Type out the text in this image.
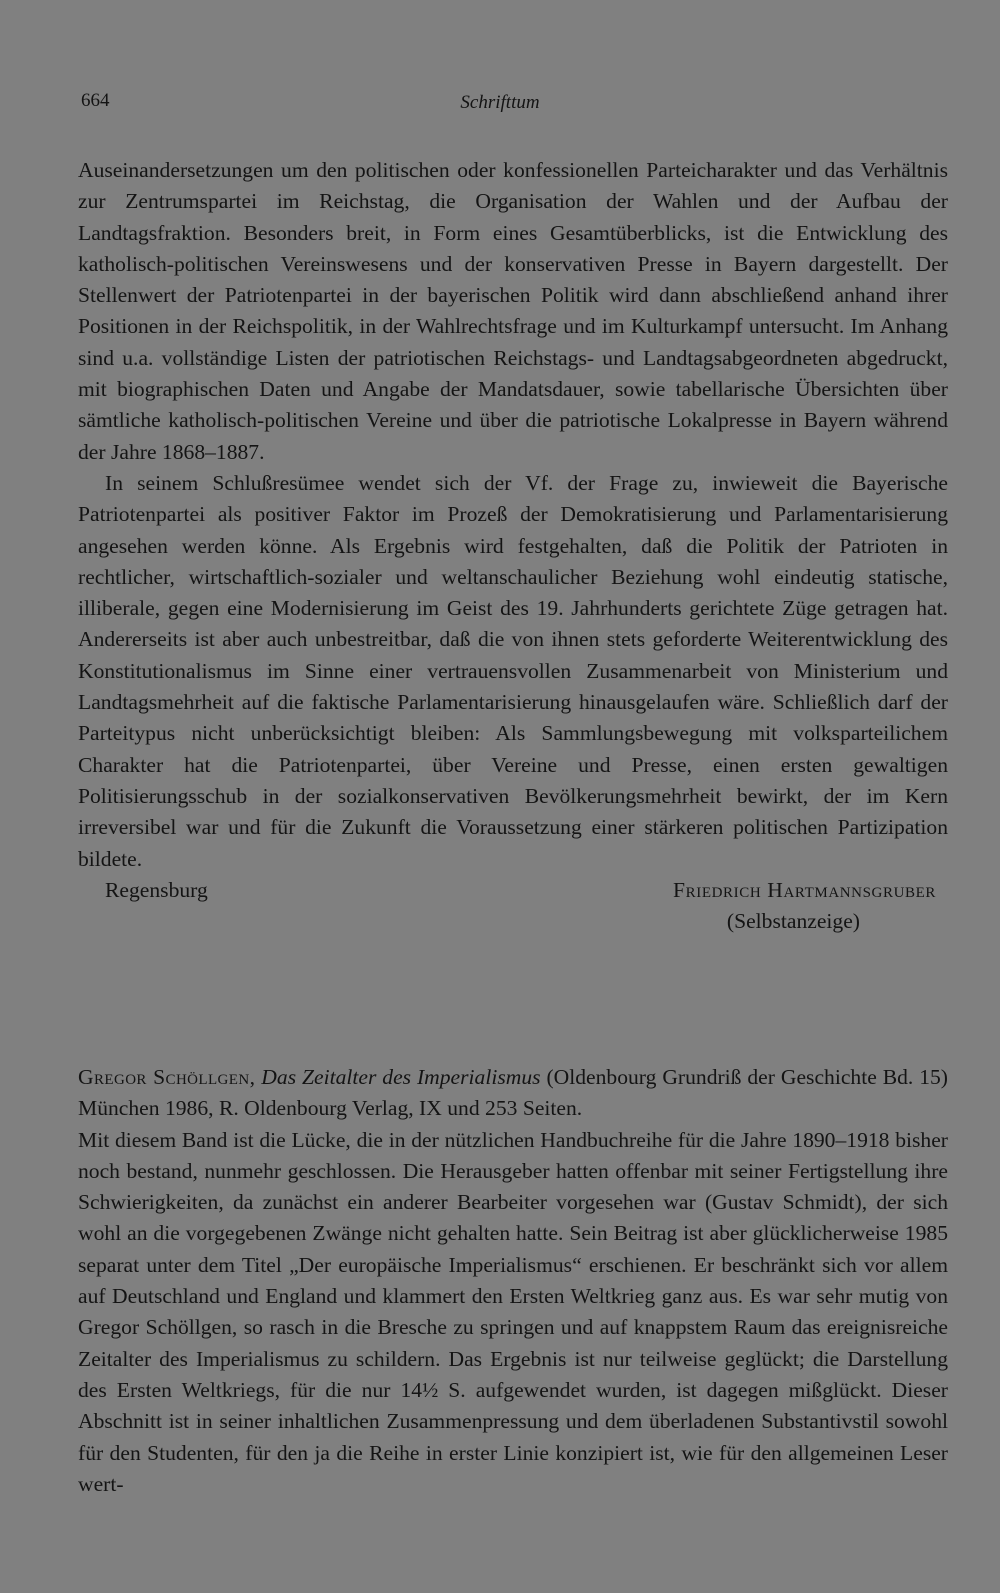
664	Schrifttum

Auseinandersetzungen um den politischen oder konfessionellen Parteicharakter und das Verhältnis zur Zentrumspartei im Reichstag, die Organisation der Wahlen und der Aufbau der Landtagsfraktion. Besonders breit, in Form eines Gesamtüberblicks, ist die Entwicklung des katholisch-politischen Vereinswesens und der konservativen Presse in Bayern dargestellt. Der Stellenwert der Patriotenpartei in der bayerischen Politik wird dann abschließend anhand ihrer Positionen in der Reichspolitik, in der Wahlrechtsfrage und im Kulturkampf untersucht. Im Anhang sind u.a. vollständige Listen der patriotischen Reichstags- und Landtagsabgeordneten abgedruckt, mit biographischen Daten und Angabe der Mandatsdauer, sowie tabellarische Übersichten über sämtliche katholisch-politischen Vereine und über die patriotische Lokalpresse in Bayern während der Jahre 1868–1887.

In seinem Schlußresümee wendet sich der Vf. der Frage zu, inwieweit die Bayerische Patriotenpartei als positiver Faktor im Prozeß der Demokratisierung und Parlamentarisierung angesehen werden könne. Als Ergebnis wird festgehalten, daß die Politik der Patrioten in rechtlicher, wirtschaftlich-sozialer und weltanschaulicher Beziehung wohl eindeutig statische, illiberale, gegen eine Modernisierung im Geist des 19. Jahrhunderts gerichtete Züge getragen hat. Andererseits ist aber auch unbestreitbar, daß die von ihnen stets geforderte Weiterentwicklung des Konstitutionalismus im Sinne einer vertrauensvollen Zusammenarbeit von Ministerium und Landtagsmehrheit auf die faktische Parlamentarisierung hinausgelaufen wäre. Schließlich darf der Parteitypus nicht unberücksichtigt bleiben: Als Sammlungsbewegung mit volksparteilichem Charakter hat die Patriotenpartei, über Vereine und Presse, einen ersten gewaltigen Politisierungsschub in der sozialkonservativen Bevölkerungsmehrheit bewirkt, der im Kern irreversibel war und für die Zukunft die Voraussetzung einer stärkeren politischen Partizipation bildete.

Regensburg	Friedrich Hartmannsgruber
(Selbstanzeige)

Gregor Schöllgen, Das Zeitalter des Imperialismus (Oldenbourg Grundriß der Geschichte Bd. 15) München 1986, R. Oldenbourg Verlag, IX und 253 Seiten.

Mit diesem Band ist die Lücke, die in der nützlichen Handbuchreihe für die Jahre 1890–1918 bisher noch bestand, nunmehr geschlossen. Die Herausgeber hatten offenbar mit seiner Fertigstellung ihre Schwierigkeiten, da zunächst ein anderer Bearbeiter vorgesehen war (Gustav Schmidt), der sich wohl an die vorgegebenen Zwänge nicht gehalten hatte. Sein Beitrag ist aber glücklicherweise 1985 separat unter dem Titel „Der europäische Imperialismus“ erschienen. Er beschränkt sich vor allem auf Deutschland und England und klammert den Ersten Weltkrieg ganz aus. Es war sehr mutig von Gregor Schöllgen, so rasch in die Bresche zu springen und auf knappstem Raum das ereignisreiche Zeitalter des Imperialismus zu schildern. Das Ergebnis ist nur teilweise geglückt; die Darstellung des Ersten Weltkriegs, für die nur 14½ S. aufgewendet wurden, ist dagegen mißglückt. Dieser Abschnitt ist in seiner inhaltlichen Zusammenpressung und dem überladenen Substantivstil sowohl für den Studenten, für den ja die Reihe in erster Linie konzipiert ist, wie für den allgemeinen Leser wert-
